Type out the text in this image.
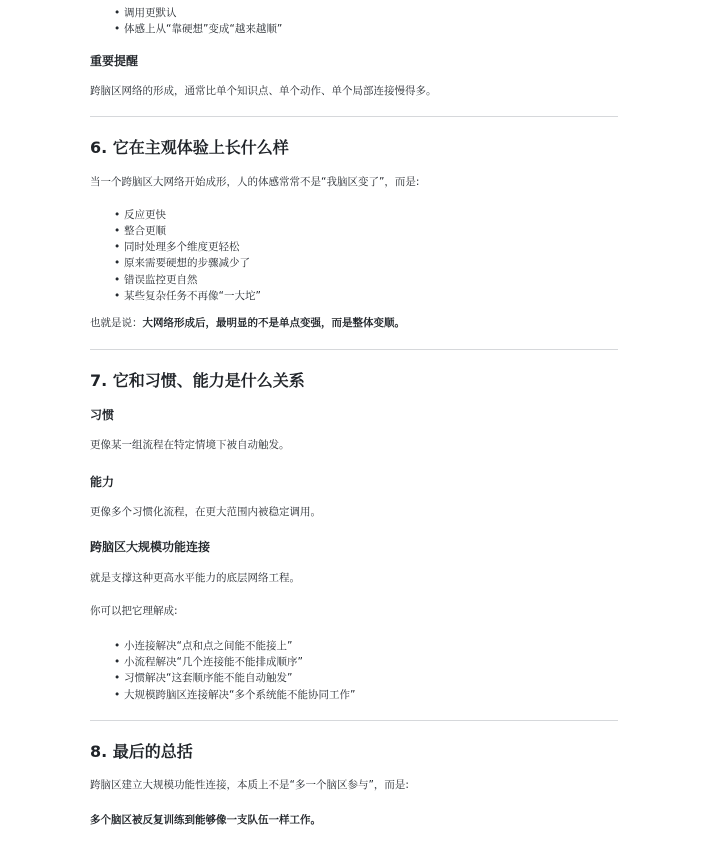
• 调用更默认
• 体感上从“靠硬想”变成“越来越顺”
重要提醒
跨脑区网络的形成，通常比单个知识点、单个动作、单个局部连接慢得多。
6. 它在主观体验上长什么样
当一个跨脑区大网络开始成形，人的体感常常不是“我脑区变了”，而是:
• 反应更快
• 整合更顺
• 同时处理多个维度更轻松
• 原来需要硬想的步骤减少了
• 错误监控更自然
• 某些复杂任务不再像“一大坨”
也就是说：大网络形成后，最明显的不是单点变强，而是整体变顺。
7. 它和习惯、能力是什么关系
习惯
更像某一组流程在特定情境下被自动触发。
能力
更像多个习惯化流程，在更大范围内被稳定调用。
跨脑区大规模功能连接
就是支撑这种更高水平能力的底层网络工程。
你可以把它理解成:
• 小连接解决“点和点之间能不能接上”
• 小流程解决“几个连接能不能排成顺序”
• 习惯解决“这套顺序能不能自动触发”
• 大规模跨脑区连接解决“多个系统能不能协同工作”
8. 最后的总括
跨脑区建立大规模功能性连接，本质上不是“多一个脑区参与”，而是:
多个脑区被反复训练到能够像一支队伍一样工作。
